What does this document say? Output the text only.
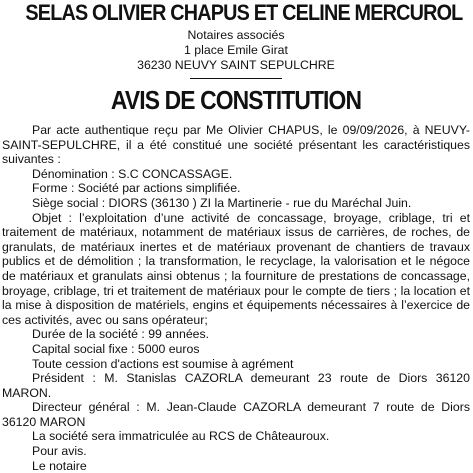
SELAS OLIVIER CHAPUS ET CELINE MERCUROL
Notaires associés
1 place Emile Girat
36230 NEUVY SAINT SEPULCHRE
AVIS DE CONSTITUTION

Par acte authentique reçu par Me Olivier CHAPUS, le 09/09/2026, à NEUVY-SAINT-SEPULCHRE, il a été constitué une société présentant les caractéristiques suivantes :

Dénomination : S.C CONCASSAGE.

Forme : Société par actions simplifiée.

Siège social : DIORS (36130 ) ZI la Martinerie - rue du Maréchal Juin.

Objet : l’exploitation d’une activité de concassage, broyage, criblage, tri et traitement de matériaux, notamment de matériaux issus de carrières, de roches, de granulats, de matériaux inertes et de matériaux provenant de chantiers de travaux publics et de démolition ; la transformation, le recyclage, la valorisation et le négoce de matériaux et granulats ainsi obtenus ; la fourniture de prestations de concassage, broyage, criblage, tri et traitement de matériaux pour le compte de tiers ; la location et la mise à disposition de matériels, engins et équipements nécessaires à l’exercice de ces activités, avec ou sans opérateur;

Durée de la société : 99 années.

Capital social fixe : 5000 euros

Toute cession d'actions est soumise à agrément

Président : M. Stanislas CAZORLA demeurant 23 route de Diors 36120 MARON.

Directeur général : M. Jean-Claude CAZORLA demeurant 7 route de Diors 36120 MARON

La société sera immatriculée au RCS de Châteauroux.

Pour avis.

Le notaire
